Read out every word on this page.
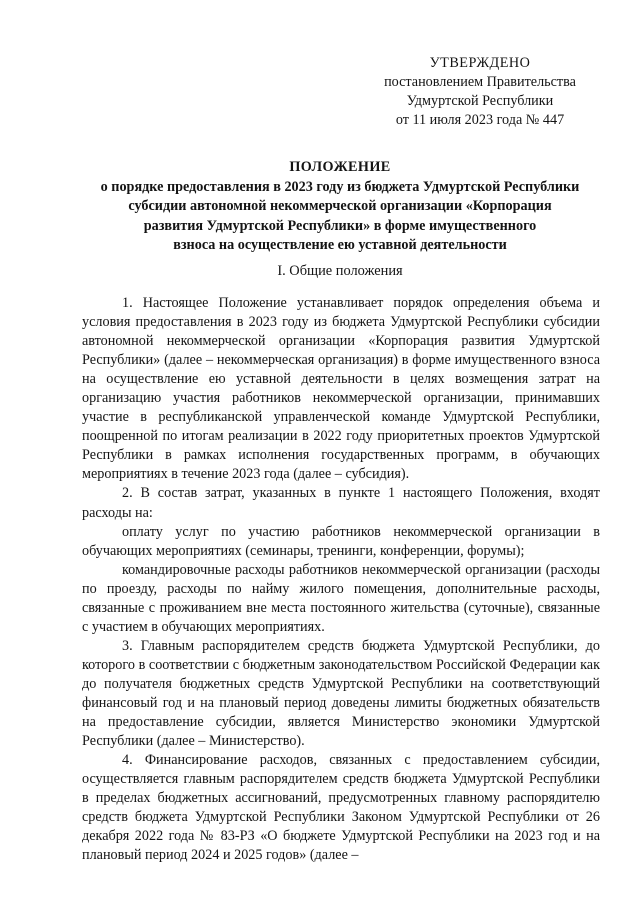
УТВЕРЖДЕНО
постановлением Правительства
Удмуртской Республики
от 11 июля 2023 года № 447
ПОЛОЖЕНИЕ
о порядке предоставления в 2023 году из бюджета Удмуртской Республики
субсидии автономной некоммерческой организации «Корпорация
развития Удмуртской Республики» в форме имущественного
взноса на осуществление ею уставной деятельности
I. Общие положения

1. Настоящее Положение устанавливает порядок определения объема и условия предоставления в 2023 году из бюджета Удмуртской Республики субсидии автономной некоммерческой организации «Корпорация развития Удмуртской Республики» (далее – некоммерческая организация) в форме имущественного взноса на осуществление ею уставной деятельности в целях возмещения затрат на организацию участия работников некоммерческой организации, принимавших участие в республиканской управленческой команде Удмуртской Республики, поощренной по итогам реализации в 2022 году приоритетных проектов Удмуртской Республики в рамках исполнения государственных программ, в обучающих мероприятиях в течение 2023 года (далее – субсидия).

2. В состав затрат, указанных в пункте 1 настоящего Положения, входят расходы на:

оплату услуг по участию работников некоммерческой организации в обучающих мероприятиях (семинары, тренинги, конференции, форумы);

командировочные расходы работников некоммерческой организации (расходы по проезду, расходы по найму жилого помещения, дополнительные расходы, связанные с проживанием вне места постоянного жительства (суточные), связанные с участием в обучающих мероприятиях.

3. Главным распорядителем средств бюджета Удмуртской Республики, до которого в соответствии с бюджетным законодательством Российской Федерации как до получателя бюджетных средств Удмуртской Республики на соответствующий финансовый год и на плановый период доведены лимиты бюджетных обязательств на предоставление субсидии, является Министерство экономики Удмуртской Республики (далее – Министерство).

4. Финансирование расходов, связанных с предоставлением субсидии, осуществляется главным распорядителем средств бюджета Удмуртской Республики в пределах бюджетных ассигнований, предусмотренных главному распорядителю средств бюджета Удмуртской Республики Законом Удмуртской Республики от 26 декабря 2022 года № 83-РЗ «О бюджете Удмуртской Республики на 2023 год и на плановый период 2024 и 2025 годов» (далее –
